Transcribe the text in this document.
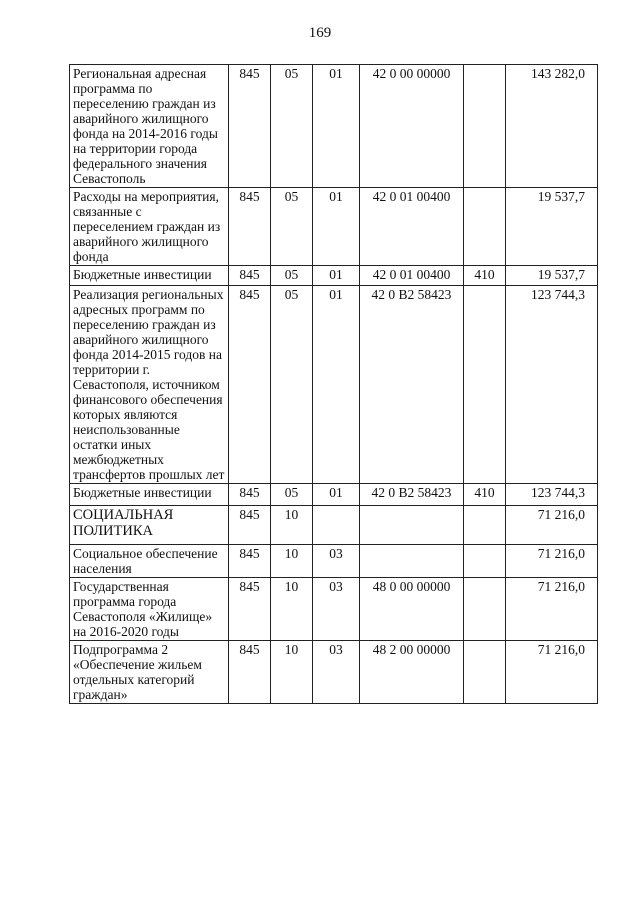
169
Региональная адресная программа по переселению граждан из аварийного жилищного фонда на 2014-2016 годы на территории города федерального значения Севастополь	845	05	01	42 0 00 00000		143 282,0
Расходы на мероприятия, связанные с переселением граждан из аварийного жилищного фонда	845	05	01	42 0 01 00400		19 537,7
Бюджетные инвестиции	845	05	01	42 0 01 00400	410	19 537,7
Реализация региональных адресных программ по переселению граждан из аварийного жилищного фонда 2014-2015 годов на территории г. Севастополя, источником финансового обеспечения которых являются неиспользованные остатки иных межбюджетных трансфертов прошлых лет	845	05	01	42 0 В2 58423		123 744,3
Бюджетные инвестиции	845	05	01	42 0 В2 58423	410	123 744,3
СОЦИАЛЬНАЯ ПОЛИТИКА	845	10				71 216,0
Социальное обеспечение населения	845	10	03			71 216,0
Государственная программа города Севастополя «Жилище» на 2016-2020 годы	845	10	03	48 0 00 00000		71 216,0
Подпрограмма 2 «Обеспечение жильем отдельных категорий граждан»	845	10	03	48 2 00 00000		71 216,0
